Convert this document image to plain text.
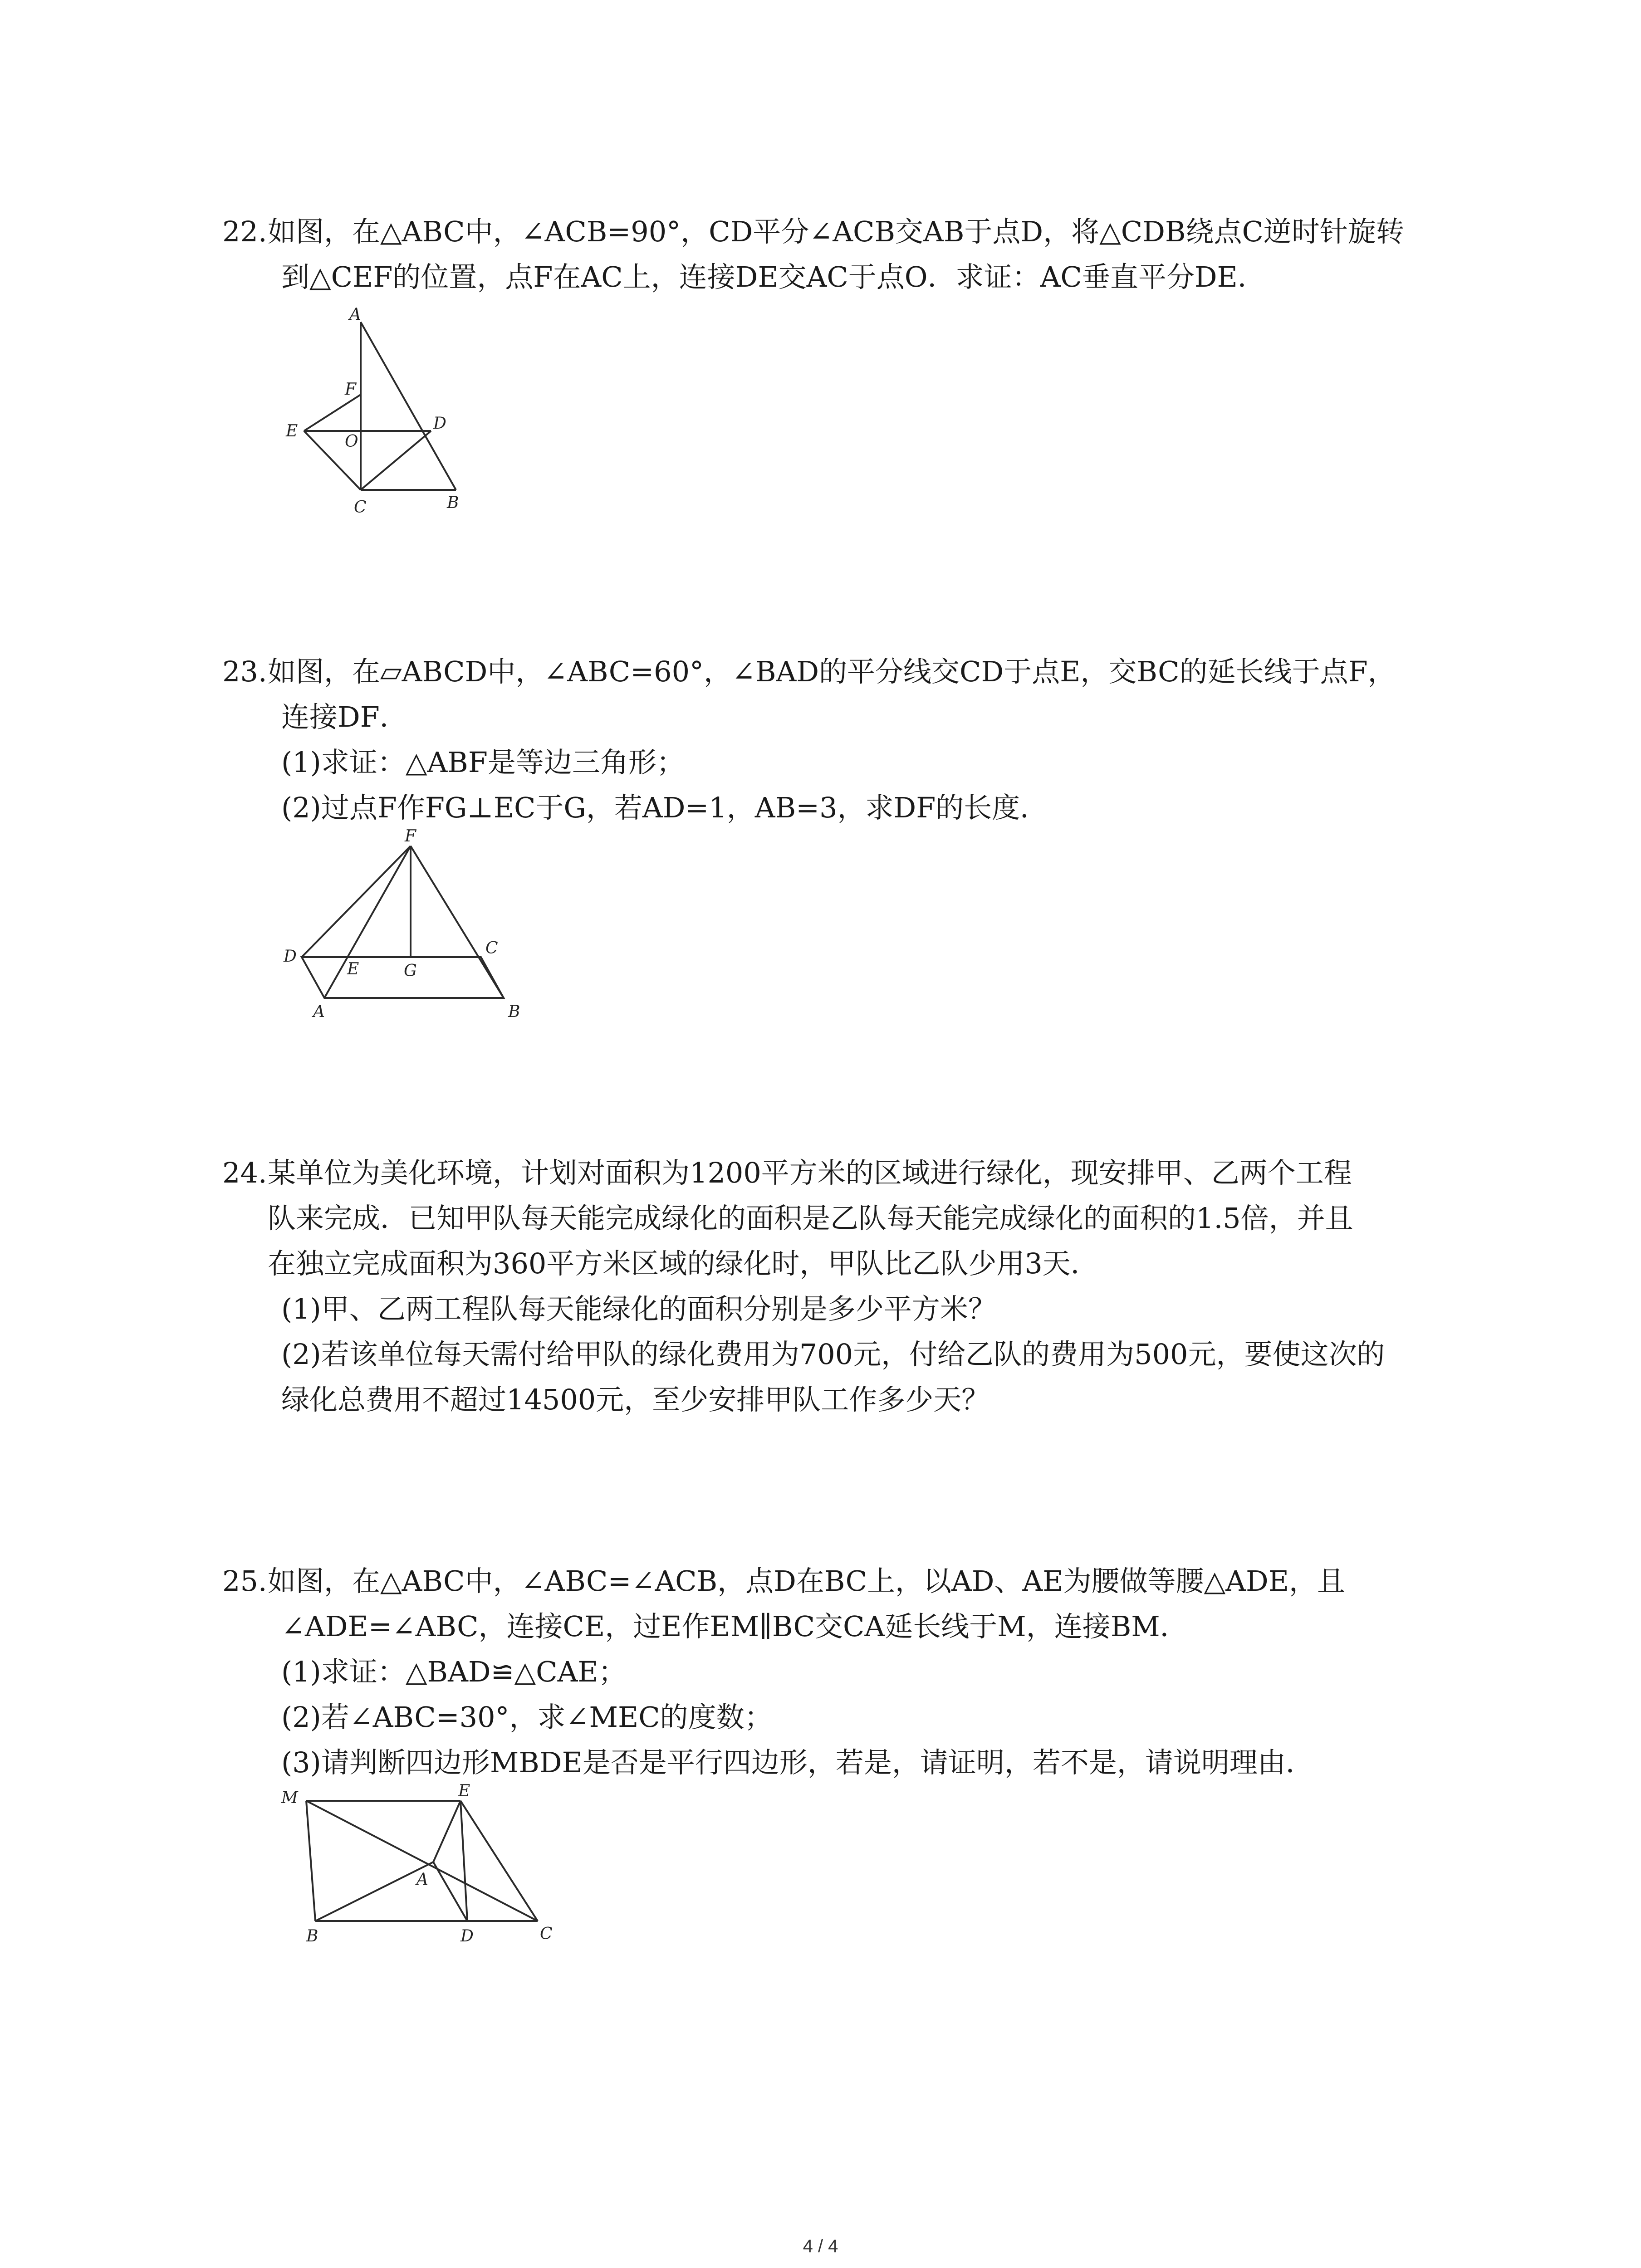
22. 如图，在△ABC中，∠ACB=90°，CD平分∠ACB交AB于点D，将△CDB绕点C逆时针旋转
到△CEF的位置，点F在AC上，连接DE交AC于点O．求证：AC垂直平分DE．
A
F
E
O
D
C	B
23. 如图，在▱ABCD中，∠ABC=60°，∠BAD的平分线交CD于点E，交BC的延长线于点F，
连接DF．
(1)求证：△ABF是等边三角形；
(2)过点F作FG⊥EC于G，若AD=1，AB=3，求DF的长度．
F
D
E	G
C
A	B
24. 某单位为美化环境，计划对面积为1200平方米的区域进行绿化，现安排甲、乙两个工程
队来完成．已知甲队每天能完成绿化的面积是乙队每天能完成绿化的面积的1.5倍，并且
在独立完成面积为360平方米区域的绿化时，甲队比乙队少用3天．
(1)甲、乙两工程队每天能绿化的面积分别是多少平方米？
(2)若该单位每天需付给甲队的绿化费用为700元，付给乙队的费用为500元，要使这次的
绿化总费用不超过14500元，至少安排甲队工作多少天？
25. 如图，在△ABC中，∠ABC=∠ACB，点D在BC上，以AD、AE为腰做等腰△ADE，且
∠ADE=∠ABC，连接CE，过E作EM∥BC交CA延长线于M，连接BM．
(1)求证：△BAD≌△CAE；
(2)若∠ABC=30°，求∠MEC的度数；
(3)请判断四边形MBDE是否是平行四边形，若是，请证明，若不是，请说明理由．
M	E
A
B	D	C
4 / 4
